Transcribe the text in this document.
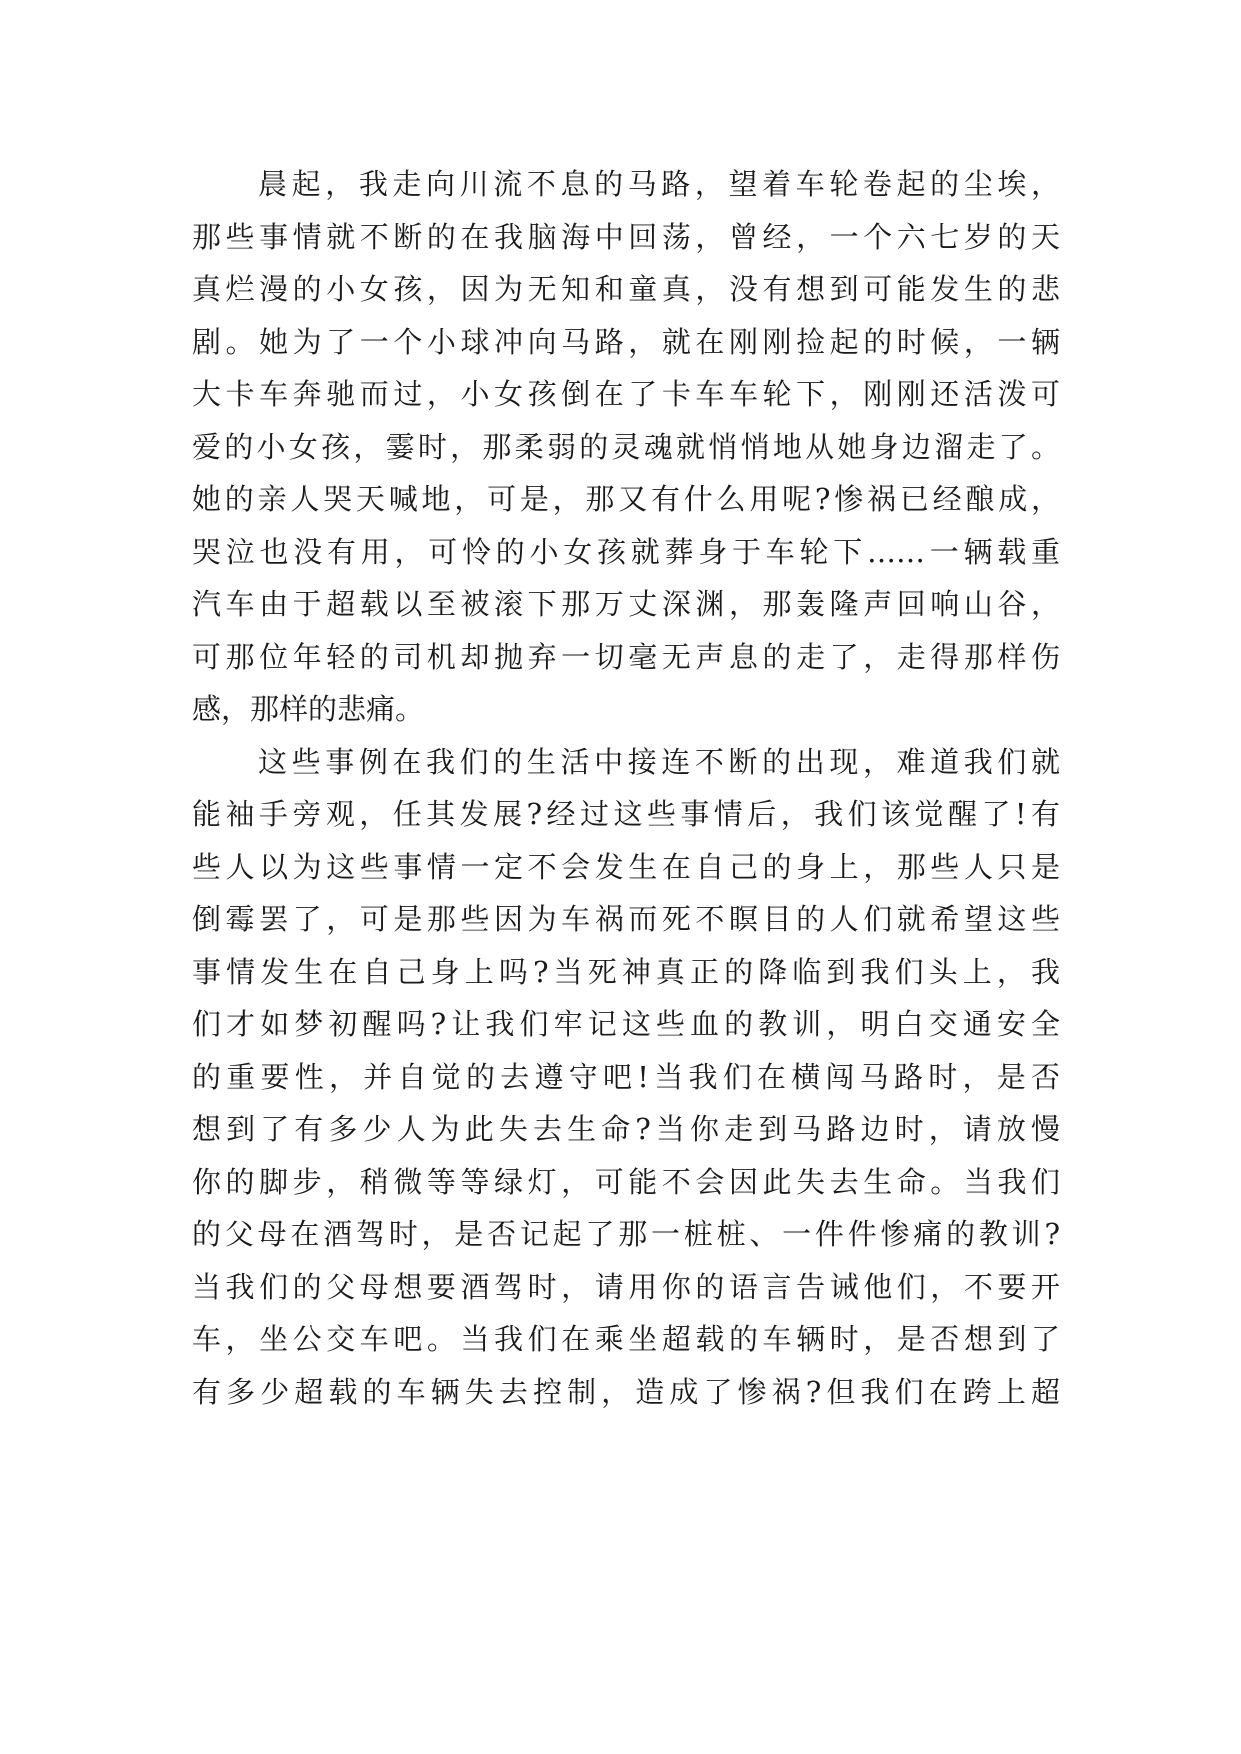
晨起，我走向川流不息的马路，望着车轮卷起的尘埃，
那些事情就不断的在我脑海中回荡，曾经，一个六七岁的天
真烂漫的小女孩，因为无知和童真，没有想到可能发生的悲
剧。她为了一个小球冲向马路，就在刚刚捡起的时候，一辆
大卡车奔驰而过，小女孩倒在了卡车车轮下，刚刚还活泼可
爱的小女孩，霎时，那柔弱的灵魂就悄悄地从她身边溜走了。
她的亲人哭天喊地，可是，那又有什么用呢?惨祸已经酿成，
哭泣也没有用，可怜的小女孩就葬身于车轮下……一辆载重
汽车由于超载以至被滚下那万丈深渊，那轰隆声回响山谷，
可那位年轻的司机却抛弃一切毫无声息的走了，走得那样伤
感，那样的悲痛。
这些事例在我们的生活中接连不断的出现，难道我们就
能袖手旁观，任其发展?经过这些事情后，我们该觉醒了!有
些人以为这些事情一定不会发生在自己的身上，那些人只是
倒霉罢了，可是那些因为车祸而死不瞑目的人们就希望这些
事情发生在自己身上吗?当死神真正的降临到我们头上，我
们才如梦初醒吗?让我们牢记这些血的教训，明白交通安全
的重要性，并自觉的去遵守吧!当我们在横闯马路时，是否
想到了有多少人为此失去生命?当你走到马路边时，请放慢
你的脚步，稍微等等绿灯，可能不会因此失去生命。当我们
的父母在酒驾时，是否记起了那一桩桩、一件件惨痛的教训?
当我们的父母想要酒驾时，请用你的语言告诫他们，不要开
车，坐公交车吧。当我们在乘坐超载的车辆时，是否想到了
有多少超载的车辆失去控制，造成了惨祸?但我们在跨上超
